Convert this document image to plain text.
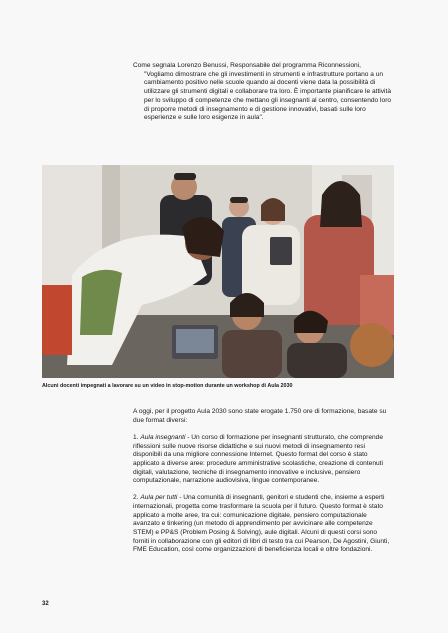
Come segnala Lorenzo Benussi, Responsabile del programma Riconnessioni,

"Vogliamo dimostrare che gli investimenti in strumenti e infrastrutture portano a un cambiamento positivo nelle scuole quando ai docenti viene data la possibilità di utilizzare gli strumenti digitali e collaborare tra loro. È importante pianificare le attività per lo sviluppo di competenze che mettano gli insegnanti al centro, consentendo loro di proporre metodi di insegnamento e di gestione innovativi, basati sulle loro esperienze e sulle loro esigenze in aula".

Alcuni docenti impegnati a lavorare su un video in stop-motion durante un workshop di Aula 2030

A oggi, per il progetto Aula 2030 sono state erogate 1.750 ore di formazione, basate su due format diversi:

1. Aula insegnanti - Un corso di formazione per insegnanti strutturato, che comprende riflessioni sulle nuove risorse didattiche e sui nuovi metodi di insegnamento resi disponibili da una migliore connessione Internet. Questo format del corso è stato applicato a diverse aree: procedure amministrative scolastiche, creazione di contenuti digitali, valutazione, tecniche di insegnamento innovative e inclusive, pensiero computazionale, narrazione audiovisiva, lingue contemporanee.

2. Aula per tutti - Una comunità di insegnanti, genitori e studenti che, insieme a esperti internazionali, progetta come trasformare la scuola per il futuro. Questo format è stato applicato a molte aree, tra cui: comunicazione digitale, pensiero computazionale avanzato e tinkering (un metodo di apprendimento per avvicinare alle competenze STEM) e PP&S (Problem Posing & Solving), aule digitali. Alcuni di questi corsi sono forniti in collaborazione con gli editori di libri di testo tra cui Pearson, De Agostini, Giunti, FME Education, così come organizzazioni di beneficienza locali e oltre fondazioni.

32
